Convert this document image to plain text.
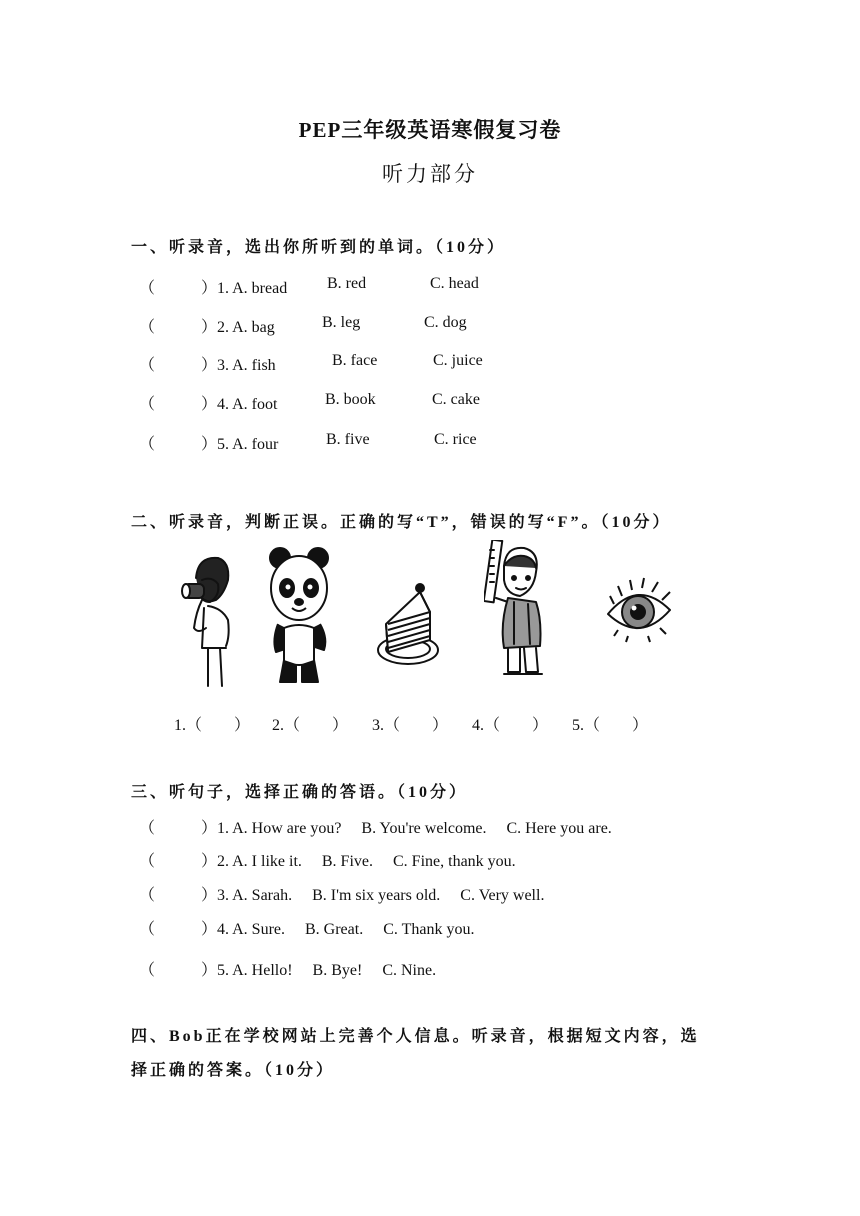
PEP三年级英语寒假复习卷
听力部分
一、听录音，选出你所听到的单词。（10分）
（	）1. A. bread B. red	C. head
（	）2. A. bag	B. leg	C. dog
（	）3. A. fish	B. face	C. juice
（	）4. A. foot	B. book	C. cake
（	）5. A. four	B. five	C. rice
二、听录音，判断正误。正确的写“T”，错误的写“F”。（10分）
1.（　　） 2.（　　） 3.（　　） 4.（　　） 5.（　　）
三、听句子，选择正确的答语。（10分）
（	）1. A. How are you?　 B. You're welcome.　 C. Here you are.
（	）2. A. I like it.　 B. Five.　 C. Fine, thank you.
（	）3. A. Sarah.　 B. I'm six years old.　 C. Very well.
（	）4. A. Sure.　 B. Great.　 C. Thank you.
（	）5. A. Hello!　 B. Bye!　 C. Nine.
四、Bob正在学校网站上完善个人信息。听录音，根据短文内容，选
择正确的答案。（10分）
